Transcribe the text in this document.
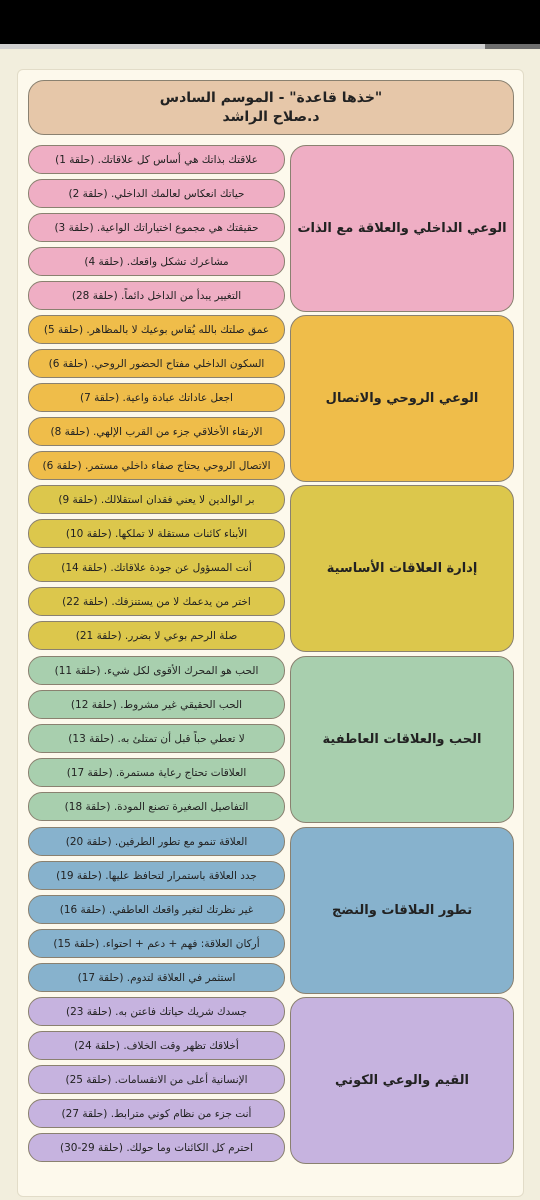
"خذها قاعدة" - الموسم السادس
د.صلاح الراشد
الوعي الداخلي والعلاقة مع الذات
علاقتك بذاتك هي أساس كل علاقاتك. (حلقة 1)
حياتك انعكاس لعالمك الداخلي. (حلقة 2)
حقيقتك هي مجموع اختياراتك الواعية. (حلقة 3)
مشاعرك تشكل واقعك. (حلقة 4)
التغيير يبدأ من الداخل دائماً. (حلقة 28)
الوعي الروحي والاتصال
عمق صلتك بالله يُقاس بوعيك لا بالمظاهر. (حلقة 5)
السكون الداخلي مفتاح الحضور الروحي. (حلقة 6)
اجعل عاداتك عبادة واعية. (حلقة 7)
الارتقاء الأخلاقي جزء من القرب الإلهي. (حلقة 8)
الاتصال الروحي يحتاج صفاء داخلي مستمر. (حلقة 6)
إدارة العلاقات الأساسية
بر الوالدين لا يعني فقدان استقلالك. (حلقة 9)
الأبناء كائنات مستقلة لا تملكها. (حلقة 10)
أنت المسؤول عن جودة علاقاتك. (حلقة 14)
اختر من يدعمك لا من يستنزفك. (حلقة 22)
صلة الرحم بوعي لا بضرر. (حلقة 21)
الحب والعلاقات العاطفية
الحب هو المحرك الأقوى لكل شيء. (حلقة 11)
الحب الحقيقي غير مشروط. (حلقة 12)
لا تعطي حباً قبل أن تمتلئ به. (حلقة 13)
العلاقات تحتاج رعاية مستمرة. (حلقة 17)
التفاصيل الصغيرة تصنع المودة. (حلقة 18)
تطور العلاقات والنضج
العلاقة تنمو مع تطور الطرفين. (حلقة 20)
جدد العلاقة باستمرار لتحافظ عليها. (حلقة 19)
غير نظرتك لتغير واقعك العاطفي. (حلقة 16)
أركان العلاقة: فهم + دعم + احتواء. (حلقة 15)
استثمر في العلاقة لتدوم. (حلقة 17)
القيم والوعي الكوني
جسدك شريك حياتك فاعتن به. (حلقة 23)
أخلاقك تظهر وقت الخلاف. (حلقة 24)
الإنسانية أعلى من الانقسامات. (حلقة 25)
أنت جزء من نظام كوني مترابط. (حلقة 27)
احترم كل الكائنات وما حولك. (حلقة 29-30)
